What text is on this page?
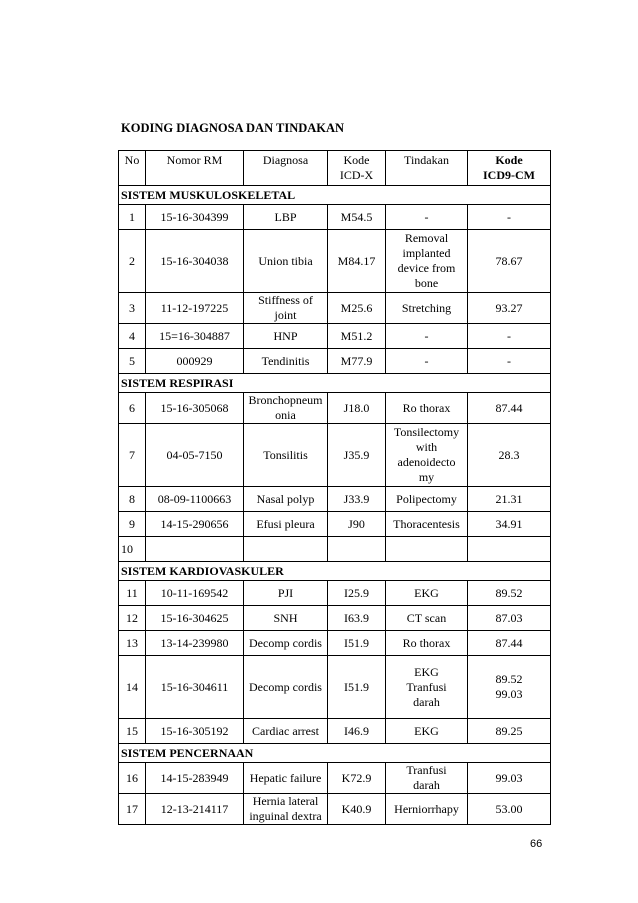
KODING DIAGNOSA DAN TINDAKAN
No	Nomor RM	Diagnosa	Kode
ICD-X	Tindakan	Kode
ICD9-CM
SISTEM MUSKULOSKELETAL					
1	15-16-304399	LBP	M54.5	-	-
2	15-16-304038	Union tibia	M84.17	Removal
implanted
device from
bone	78.67
3	11-12-197225	Stiffness of
joint	M25.6	Stretching	93.27
4	15=16-304887	HNP	M51.2	-	-
5	000929	Tendinitis	M77.9	-	-
SISTEM RESPIRASI					
6	15-16-305068	Bronchopneum
onia	J18.0	Ro thorax	87.44
7	04-05-7150	Tonsilitis	J35.9	Tonsilectomy
with
adenoidecto
my	28.3
8	08-09-1100663	Nasal polyp	J33.9	Polipectomy	21.31
9	14-15-290656	Efusi pleura	J90	Thoracentesis	34.91
10					
SISTEM KARDIOVASKULER					
11	10-11-169542	PJI	I25.9	EKG	89.52
12	15-16-304625	SNH	I63.9	CT scan	87.03
13	13-14-239980	Decomp cordis	I51.9	Ro thorax	87.44
14	15-16-304611	Decomp cordis	I51.9	EKG
Tranfusi
darah	89.52
99.03
15	15-16-305192	Cardiac arrest	I46.9	EKG	89.25
SISTEM PENCERNAAN					
16	14-15-283949	Hepatic failure	K72.9	Tranfusi
darah	99.03
17	12-13-214117	Hernia lateral
inguinal dextra	K40.9	Herniorrhapy	53.00
66
